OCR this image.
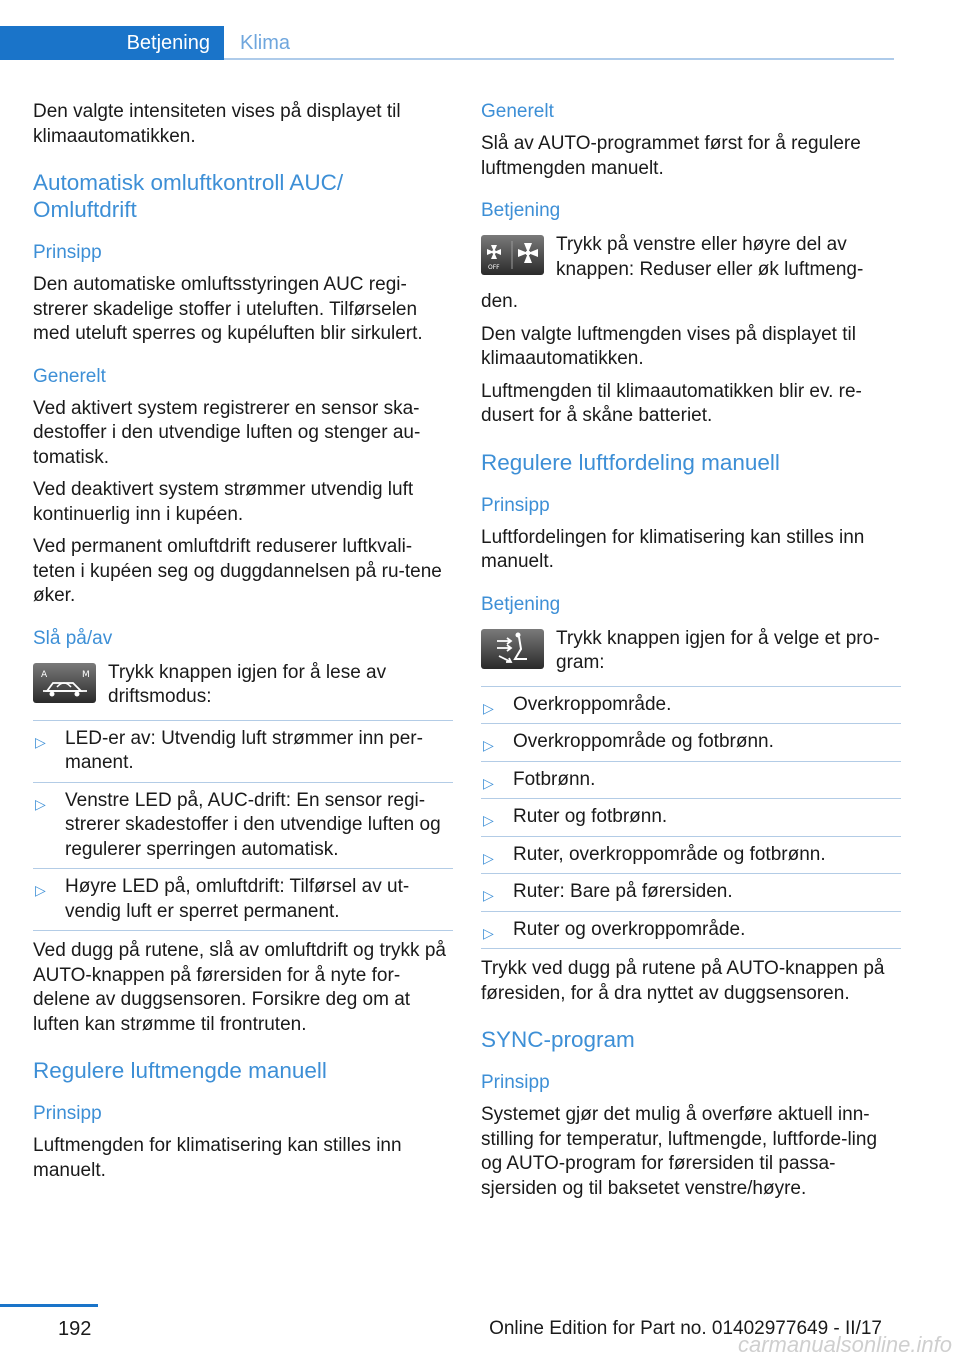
Betjening Klima

Den valgte intensiteten vises på displayet til klimaautomatikken.

Automatisk omluftkontroll AUC/ Omluftdrift
Prinsipp

Den automatiske omluftsstyringen AUC regi-strerer skadelige stoffer i uteluften. Tilførselen med uteluft sperres og kupéluften blir sirkulert.

Generelt

Ved aktivert system registrerer en sensor ska-destoffer i den utvendige luften og stenger au-tomatisk.

Ved deaktivert system strømmer utvendig luft kontinuerlig inn i kupéen.

Ved permanent omluftdrift reduserer luftkvali-teten i kupéen seg og duggdannelsen på ru-tene øker.

Slå på/av
A	M Trykk knappen igjen for å lese av driftsmodus:
▷ LED-er av: Utvendig luft strømmer inn per-manent.
▷ Venstre LED på, AUC-drift: En sensor regi-strerer skadestoffer i den utvendige luften og regulerer sperringen automatisk.
▷ Høyre LED på, omluftdrift: Tilførsel av ut-vendig luft er sperret permanent.

Ved dugg på rutene, slå av omluftdrift og trykk på AUTO-knappen på førersiden for å nyte for-delene av duggsensoren. Forsikre deg om at luften kan strømme til frontruten.

Regulere luftmengde manuell
Prinsipp

Luftmengden for klimatisering kan stilles inn manuelt.

Generelt

Slå av AUTO-programmet først for å regulere luftmengden manuelt.

Betjening
OFF
Trykk på venstre eller høyre del av knappen: Reduser eller øk luftmeng-

den.

Den valgte luftmengden vises på displayet til klimaautomatikken.

Luftmengden til klimaautomatikken blir ev. re-dusert for å skåne batteriet.

Regulere luftfordeling manuell
Prinsipp

Luftfordelingen for klimatisering kan stilles inn manuelt.

Betjening
Trykk knappen igjen for å velge et pro-gram:
▷ Overkroppområde.
▷ Overkroppområde og fotbrønn.
▷ Fotbrønn.
▷ Ruter og fotbrønn.
▷ Ruter, overkroppområde og fotbrønn.
▷ Ruter: Bare på førersiden.
▷ Ruter og overkroppområde.

Trykk ved dugg på rutene på AUTO-knappen på føresiden, for å dra nyttet av duggsensoren.

SYNC-program
Prinsipp

Systemet gjør det mulig å overføre aktuell inn-stilling for temperatur, luftmengde, luftforde-ling og AUTO-program for førersiden til passa-sjersiden og til baksetet venstre/høyre.

192	Online Edition for Part no. 01402977649 - II/17
carmanualsonline.info
